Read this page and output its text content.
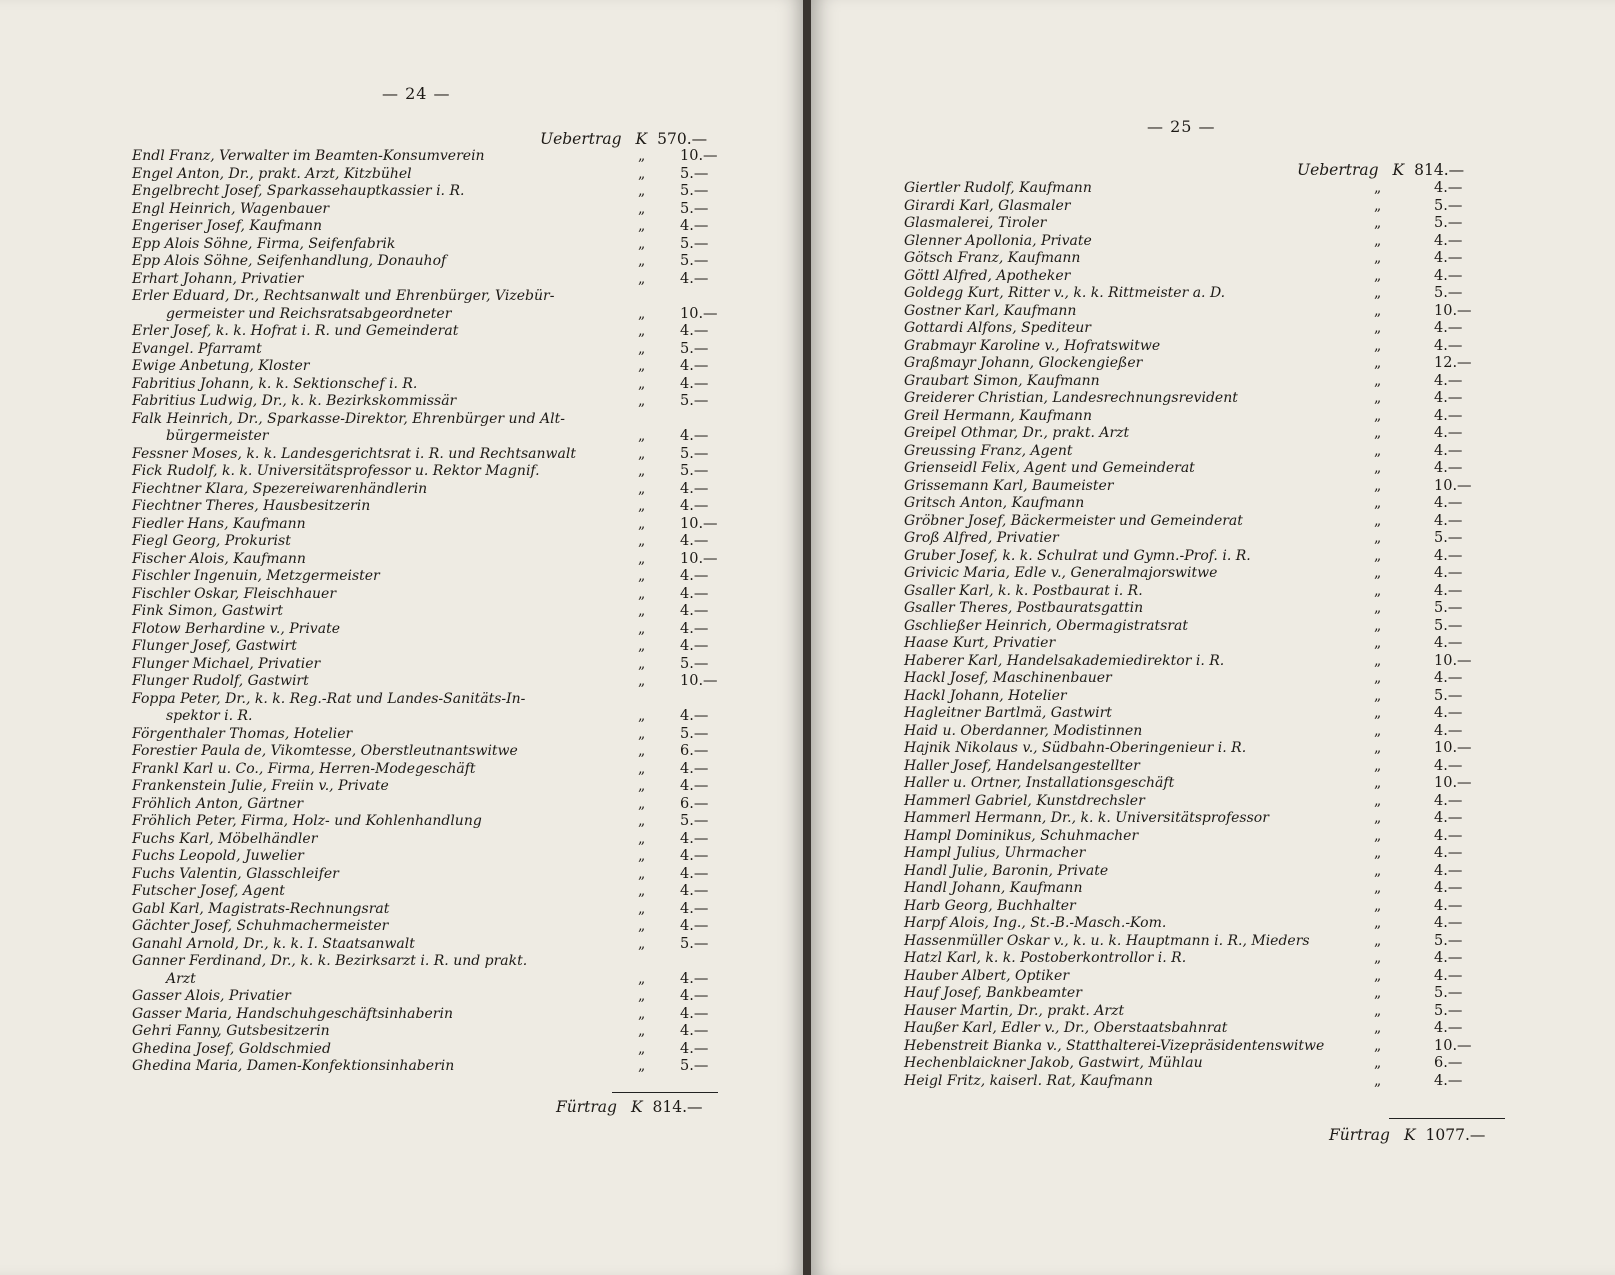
— 24 —
Uebertrag K 570.—
Endl Franz, Verwalter im Beamten-Konsumverein	„ 10.—
Engel Anton, Dr., prakt. Arzt, Kitzbühel	„ 5.—
Engelbrecht Josef, Sparkassehauptkassier i. R.	„ 5.—
Engl Heinrich, Wagenbauer	„ 5.—
Engeriser Josef, Kaufmann	„ 4.—
Epp Alois Söhne, Firma, Seifenfabrik	„ 5.—
Epp Alois Söhne, Seifenhandlung, Donauhof	„ 5.—
Erhart Johann, Privatier	„ 4.—
Erler Eduard, Dr., Rechtsanwalt und Ehrenbürger, Vizebür-
germeister und Reichsratsabgeordneter	„ 10.—
Erler Josef, k. k. Hofrat i. R. und Gemeinderat	„ 4.—
Evangel. Pfarramt	„ 5.—
Ewige Anbetung, Kloster	„ 4.—
Fabritius Johann, k. k. Sektionschef i. R.	„ 4.—
Fabritius Ludwig, Dr., k. k. Bezirkskommissär	„ 5.—
Falk Heinrich, Dr., Sparkasse-Direktor, Ehrenbürger und Alt-
bürgermeister	„ 4.—
Fessner Moses, k. k. Landesgerichtsrat i. R. und Rechtsanwalt	„ 5.—
Fick Rudolf, k. k. Universitätsprofessor u. Rektor Magnif.	„ 5.—
Fiechtner Klara, Spezereiwarenhändlerin	„ 4.—
Fiechtner Theres, Hausbesitzerin	„ 4.—
Fiedler Hans, Kaufmann	„ 10.—
Fiegl Georg, Prokurist	„ 4.—
Fischer Alois, Kaufmann	„ 10.—
Fischler Ingenuin, Metzgermeister	„ 4.—
Fischler Oskar, Fleischhauer	„ 4.—
Fink Simon, Gastwirt	„ 4.—
Flotow Berhardine v., Private	„ 4.—
Flunger Josef, Gastwirt	„ 4.—
Flunger Michael, Privatier	„ 5.—
Flunger Rudolf, Gastwirt	„ 10.—
Foppa Peter, Dr., k. k. Reg.-Rat und Landes-Sanitäts-In-
spektor i. R.	„ 4.—
Förgenthaler Thomas, Hotelier	„ 5.—
Forestier Paula de, Vikomtesse, Oberstleutnantswitwe	„ 6.—
Frankl Karl u. Co., Firma, Herren-Modegeschäft	„ 4.—
Frankenstein Julie, Freiin v., Private	„ 4.—
Fröhlich Anton, Gärtner	„ 6.—
Fröhlich Peter, Firma, Holz- und Kohlenhandlung	„ 5.—
Fuchs Karl, Möbelhändler	„ 4.—
Fuchs Leopold, Juwelier	„ 4.—
Fuchs Valentin, Glasschleifer	„ 4.—
Futscher Josef, Agent	„ 4.—
Gabl Karl, Magistrats-Rechnungsrat	„ 4.—
Gächter Josef, Schuhmachermeister	„ 4.—
Ganahl Arnold, Dr., k. k. I. Staatsanwalt	„ 5.—
Ganner Ferdinand, Dr., k. k. Bezirksarzt i. R. und prakt.
Arzt	„ 4.—
Gasser Alois, Privatier	„ 4.—
Gasser Maria, Handschuhgeschäftsinhaberin	„ 4.—
Gehri Fanny, Gutsbesitzerin	„ 4.—
Ghedina Josef, Goldschmied	„ 4.—
Ghedina Maria, Damen-Konfektionsinhaberin	„ 5.—
Fürtrag K 814.—
— 25 —
Uebertrag K 814.—
Giertler Rudolf, Kaufmann	„	4.—
Girardi Karl, Glasmaler	„	5.—
Glasmalerei, Tiroler	„	5.—
Glenner Apollonia, Private	„	4.—
Götsch Franz, Kaufmann	„	4.—
Göttl Alfred, Apotheker	„	4.—
Goldegg Kurt, Ritter v., k. k. Rittmeister a. D.	„	5.—
Gostner Karl, Kaufmann	„	10.—
Gottardi Alfons, Spediteur	„	4.—
Grabmayr Karoline v., Hofratswitwe	„	4.—
Graßmayr Johann, Glockengießer	„	12.—
Graubart Simon, Kaufmann	„	4.—
Greiderer Christian, Landesrechnungsrevident	„	4.—
Greil Hermann, Kaufmann	„	4.—
Greipel Othmar, Dr., prakt. Arzt	„	4.—
Greussing Franz, Agent	„	4.—
Grienseidl Felix, Agent und Gemeinderat	„	4.—
Grissemann Karl, Baumeister	„	10.—
Gritsch Anton, Kaufmann	„	4.—
Gröbner Josef, Bäckermeister und Gemeinderat	„	4.—
Groß Alfred, Privatier	„	5.—
Gruber Josef, k. k. Schulrat und Gymn.-Prof. i. R.	„	4.—
Grivicic Maria, Edle v., Generalmajorswitwe	„	4.—
Gsaller Karl, k. k. Postbaurat i. R.	„	4.—
Gsaller Theres, Postbauratsgattin	„	5.—
Gschließer Heinrich, Obermagistratsrat	„	5.—
Haase Kurt, Privatier	„	4.—
Haberer Karl, Handelsakademiedirektor i. R.	„	10.—
Hackl Josef, Maschinenbauer	„	4.—
Hackl Johann, Hotelier	„	5.—
Hagleitner Bartlmä, Gastwirt	„	4.—
Haid u. Oberdanner, Modistinnen	„	4.—
Hajnik Nikolaus v., Südbahn-Oberingenieur i. R.	„	10.—
Haller Josef, Handelsangestellter	„	4.—
Haller u. Ortner, Installationsgeschäft	„	10.—
Hammerl Gabriel, Kunstdrechsler	„	4.—
Hammerl Hermann, Dr., k. k. Universitätsprofessor	„	4.—
Hampl Dominikus, Schuhmacher	„	4.—
Hampl Julius, Uhrmacher	„	4.—
Handl Julie, Baronin, Private	„	4.—
Handl Johann, Kaufmann	„	4.—
Harb Georg, Buchhalter	„	4.—
Harpf Alois, Ing., St.-B.-Masch.-Kom.	„	4.—
Hassenmüller Oskar v., k. u. k. Hauptmann i. R., Mieders	„	5.—
Hatzl Karl, k. k. Postoberkontrollor i. R.	„	4.—
Hauber Albert, Optiker	„	4.—
Hauf Josef, Bankbeamter	„	5.—
Hauser Martin, Dr., prakt. Arzt	„	5.—
Haußer Karl, Edler v., Dr., Oberstaatsbahnrat	„	4.—
Hebenstreit Bianka v., Statthalterei-Vizepräsidentenswitwe	„	10.—
Hechenblaickner Jakob, Gastwirt, Mühlau	„	6.—
Heigl Fritz, kaiserl. Rat, Kaufmann	„	4.—
Fürtrag K 1077.—
